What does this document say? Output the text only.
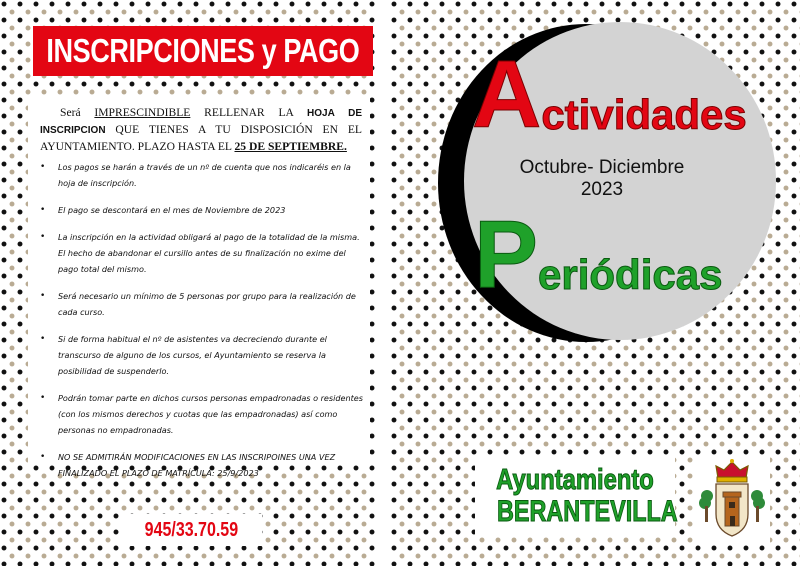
INSCRIPCIONES y PAGO
Será IMPRESCINDIBLE RELLENAR LA HOJA DE INSCRIPCION QUE TIENES A TU DISPOSICIÓN EN EL AYUNTAMIENTO. PLAZO HASTA EL 25 DE SEPTIEMBRE.
• Los pagos se harán a través de un nº de cuenta que nos indicaréis en la hoja de inscripción.
• El pago se descontará en el mes de Noviembre de 2023
• La inscripción en la actividad obligará al pago de la totalidad de la misma. El hecho de abandonar el cursillo antes de su finalización no exime del pago total del mismo.
• Será necesario un mínimo de 5 personas por grupo para la realización de cada curso.
• Si de forma habitual el nº de asistentes va decreciendo durante el transcurso de alguno de los cursos, el Ayuntamiento se reserva la posibilidad de suspenderlo.
• Podrán tomar parte en dichos cursos personas empadronadas o residentes (con los mismos derechos y cuotas que las empadronadas) así como personas no empadronadas.
• NO SE ADMITIRÁN MODIFICACIONES EN LAS INSCRIPOINES UNA VEZ FINALIZADO EL PLAZO DE MATRÍCULA: 25/9/2023
945/33.70.59
A ctividades
Octubre- Diciembre
2023
P eriódicas
Ayuntamiento
BERANTEVILLA
